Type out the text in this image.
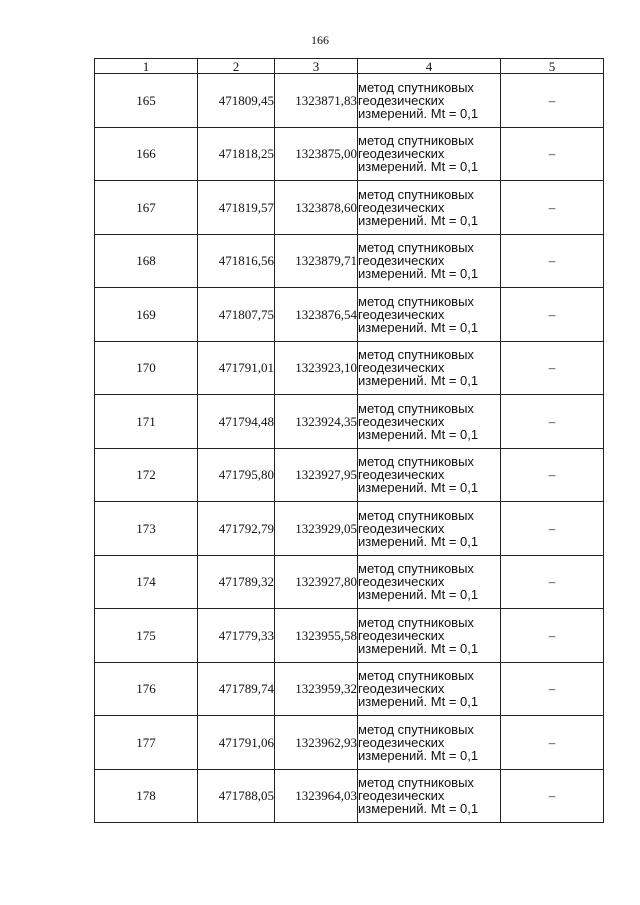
166
1	2	3	4	5
165	471809,45	1323871,83	метод спутниковых
геодезических
измерений. Mt = 0,1	–
166	471818,25	1323875,00	метод спутниковых
геодезических
измерений. Mt = 0,1	–
167	471819,57	1323878,60	метод спутниковых
геодезических
измерений. Mt = 0,1	–
168	471816,56	1323879,71	метод спутниковых
геодезических
измерений. Mt = 0,1	–
169	471807,75	1323876,54	метод спутниковых
геодезических
измерений. Mt = 0,1	–
170	471791,01	1323923,10	метод спутниковых
геодезических
измерений. Mt = 0,1	–
171	471794,48	1323924,35	метод спутниковых
геодезических
измерений. Mt = 0,1	–
172	471795,80	1323927,95	метод спутниковых
геодезических
измерений. Mt = 0,1	–
173	471792,79	1323929,05	метод спутниковых
геодезических
измерений. Mt = 0,1	–
174	471789,32	1323927,80	метод спутниковых
геодезических
измерений. Mt = 0,1	–
175	471779,33	1323955,58	метод спутниковых
геодезических
измерений. Mt = 0,1	–
176	471789,74	1323959,32	метод спутниковых
геодезических
измерений. Mt = 0,1	–
177	471791,06	1323962,93	метод спутниковых
геодезических
измерений. Mt = 0,1	–
178	471788,05	1323964,03	метод спутниковых
геодезических
измерений. Mt = 0,1	–
